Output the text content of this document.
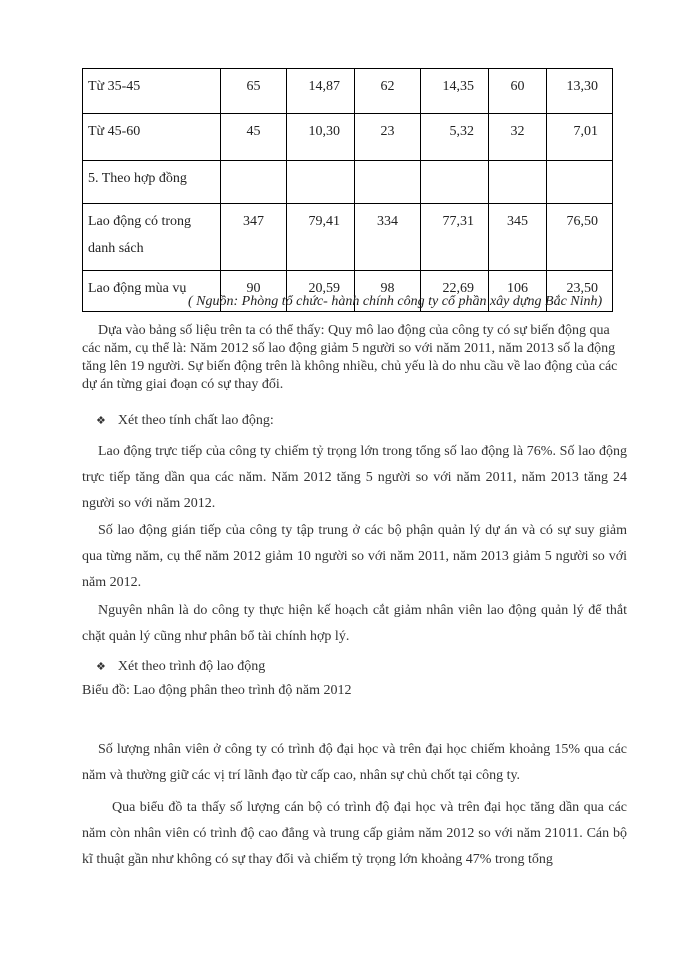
Từ 35-45	65	14,87	62	14,35	60	13,30
Từ 45-60	45	10,30	23	5,32	32	7,01
5. Theo hợp đồng						
Lao động có trong danh sách	347	79,41	334	77,31	345	76,50
Lao động mùa vụ	90	20,59	98	22,69	106	23,50
( Nguồn: Phòng tổ chức- hành chính công ty cổ phần xây dựng Bắc Ninh)

Dựa vào bảng số liệu trên ta có thể thấy: Quy mô lao động của công ty có sự biến động qua các năm, cụ thể là: Năm 2012 số lao động giảm 5 người so với năm 2011, năm 2013 số la động tăng lên 19 người. Sự biến động trên là không nhiều, chủ yếu là do nhu cầu về lao động của các dự án từng giai đoạn có sự thay đổi.

❖ Xét theo tính chất lao động:

Lao động trực tiếp của công ty chiếm tỷ trọng lớn trong tổng số lao động là 76%. Số lao động trực tiếp tăng dần qua các năm. Năm 2012 tăng 5 người so với năm 2011, năm 2013 tăng 24 người so với năm 2012.

Số lao động gián tiếp của công ty tập trung ở các bộ phận quản lý dự án và có sự suy giảm qua từng năm, cụ thể năm 2012 giảm 10 người so với năm 2011, năm 2013 giảm 5 người so với năm 2012.

Nguyên nhân là do công ty thực hiện kế hoạch cắt giảm nhân viên lao động quản lý để thắt chặt quản lý cũng như phân bổ tài chính hợp lý.

❖ Xét theo trình độ lao động
Biểu đồ: Lao động phân theo trình độ năm 2012

Số lượng nhân viên ở công ty có trình độ đại học và trên đại học chiếm khoảng 15% qua các năm và thường giữ các vị trí lãnh đạo từ cấp cao, nhân sự chủ chốt tại công ty.

Qua biểu đồ ta thấy số lượng cán bộ có trình độ đại học và trên đại học tăng dần qua các năm còn nhân viên có trình độ cao đẳng và trung cấp giảm năm 2012 so với năm 21011. Cán bộ kĩ thuật gần như không có sự thay đổi và chiếm tỷ trọng lớn khoảng 47% trong tổng
